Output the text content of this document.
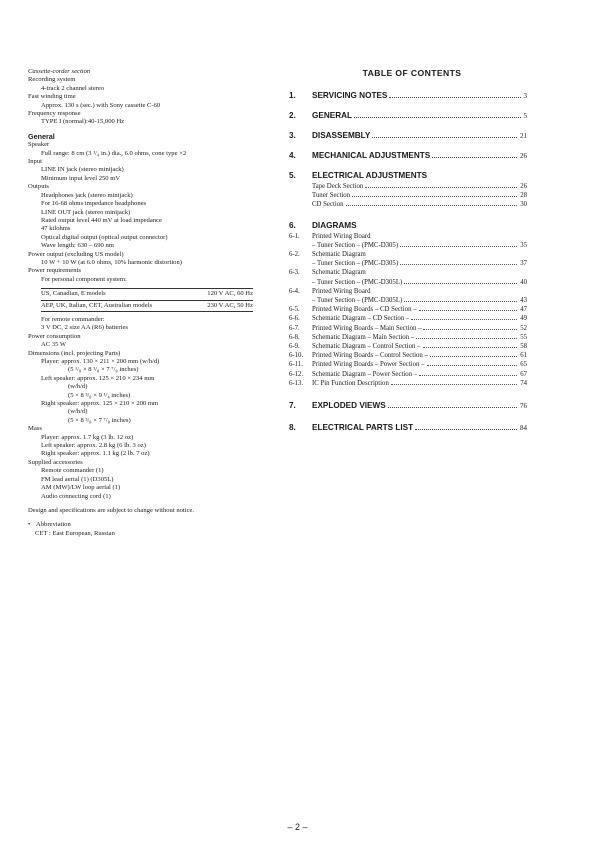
Cassette-corder section
Recording system
4-track 2 channel stereo
Fast winding time
Approx. 130 s (sec.) with Sony cassette C-60
Frequency response
TYPE I (normal):40-15,000 Hz
General
Speaker
Full range: 8 cm (3 ¹/₄ in.) dia., 6.0 ohms, cone type ×2
Input
LINE IN jack (stereo minijack)
Minimum input level 250 mV
Outputs
Headphones jack (stereo minijack)
For 16-68 ohms impedance headphones
LINE OUT jack (stereo minijack)
Rated output level 440 mV at load impedance
47 kilohms
Optical digital output (optical output connector)
Wave length: 630 – 690 nm
Power output (excluding US model)
10 W + 10 W (at 6.0 ohms, 10% harmonic distortion)
Power requirements
For personal component system:
US, Canadian, E models	120 V AC, 60 Hz
AEP, UK, Italian, CET, Australian models	230 V AC, 50 Hz
For remote commander:
3 V DC, 2 size AA (R6) batteries
Power consumption
AC 35 W
Dimensions (incl. projecting Parts)
Player: approx. 130 × 211 × 200 mm (w/h/d)
(5 ¹/₈ × 8 ³/₈ × 7 ⁷/₈ inches)
Left speaker: approx. 125 × 210 × 234 mm
(w/h/d)
(5 × 8 ³/₈ × 9 ¹/₄ inches)
Right speaker: approx. 125 × 210 × 200 mm
(w/h/d)
(5 × 8 ³/₈ × 7 ⁷/₈ inches)
Mass
Player: approx. 1.7 kg (3 lb. 12 oz)
Left speaker: approx. 2.8 kg (6 lb. 3 oz)
Right speaker: approx. 1.1 kg (2 lb. 7 oz)
Supplied accessories
Remote commander (1)
FM lead aerial (1) (D305L)
AM (MW)/LW loop aerial (1)
Audio connecting cord (1)
Design and specifications are subject to change without notice.
• Abbreviation
CET : East European, Russian
TABLE OF CONTENTS
1.	SERVICING NOTES	3
2.	GENERAL	5
3.	DISASSEMBLY	21
4.	MECHANICAL ADJUSTMENTS	26
5.	ELECTRICAL ADJUSTMENTS
Tape Deck Section	26
Tuner Section	28
CD Section	30
6.	DIAGRAMS
6-1.	Printed Wiring Board
– Tuner Section – (PMC-D305)	35
6-2.	Schematic Diagram
– Tuner Section – (PMC-D305)	37
6-3.	Schematic Diagram
– Tuner Section – (PMC-D305L)	40
6-4.	Printed Wiring Board
– Tuner Section – (PMC-D305L)	43
6-5.	Printed Wiring Boards – CD Section –	47
6-6.	Schematic Diagram – CD Section –	49
6-7.	Printed Wiring Boards – Main Section –	52
6-8.	Schematic Diagram – Main Section –	55
6-9.	Schematic Diagram – Control Section –	58
6-10.	Printed Wiring Boards – Control Section –	61
6-11.	Printed Wiring Boards – Power Section –	65
6-12.	Schematic Diagram – Power Section –	67
6-13.	IC Pin Function Description	74
7.	EXPLODED VIEWS	76
8.	ELECTRICAL PARTS LIST	84
– 2 –
